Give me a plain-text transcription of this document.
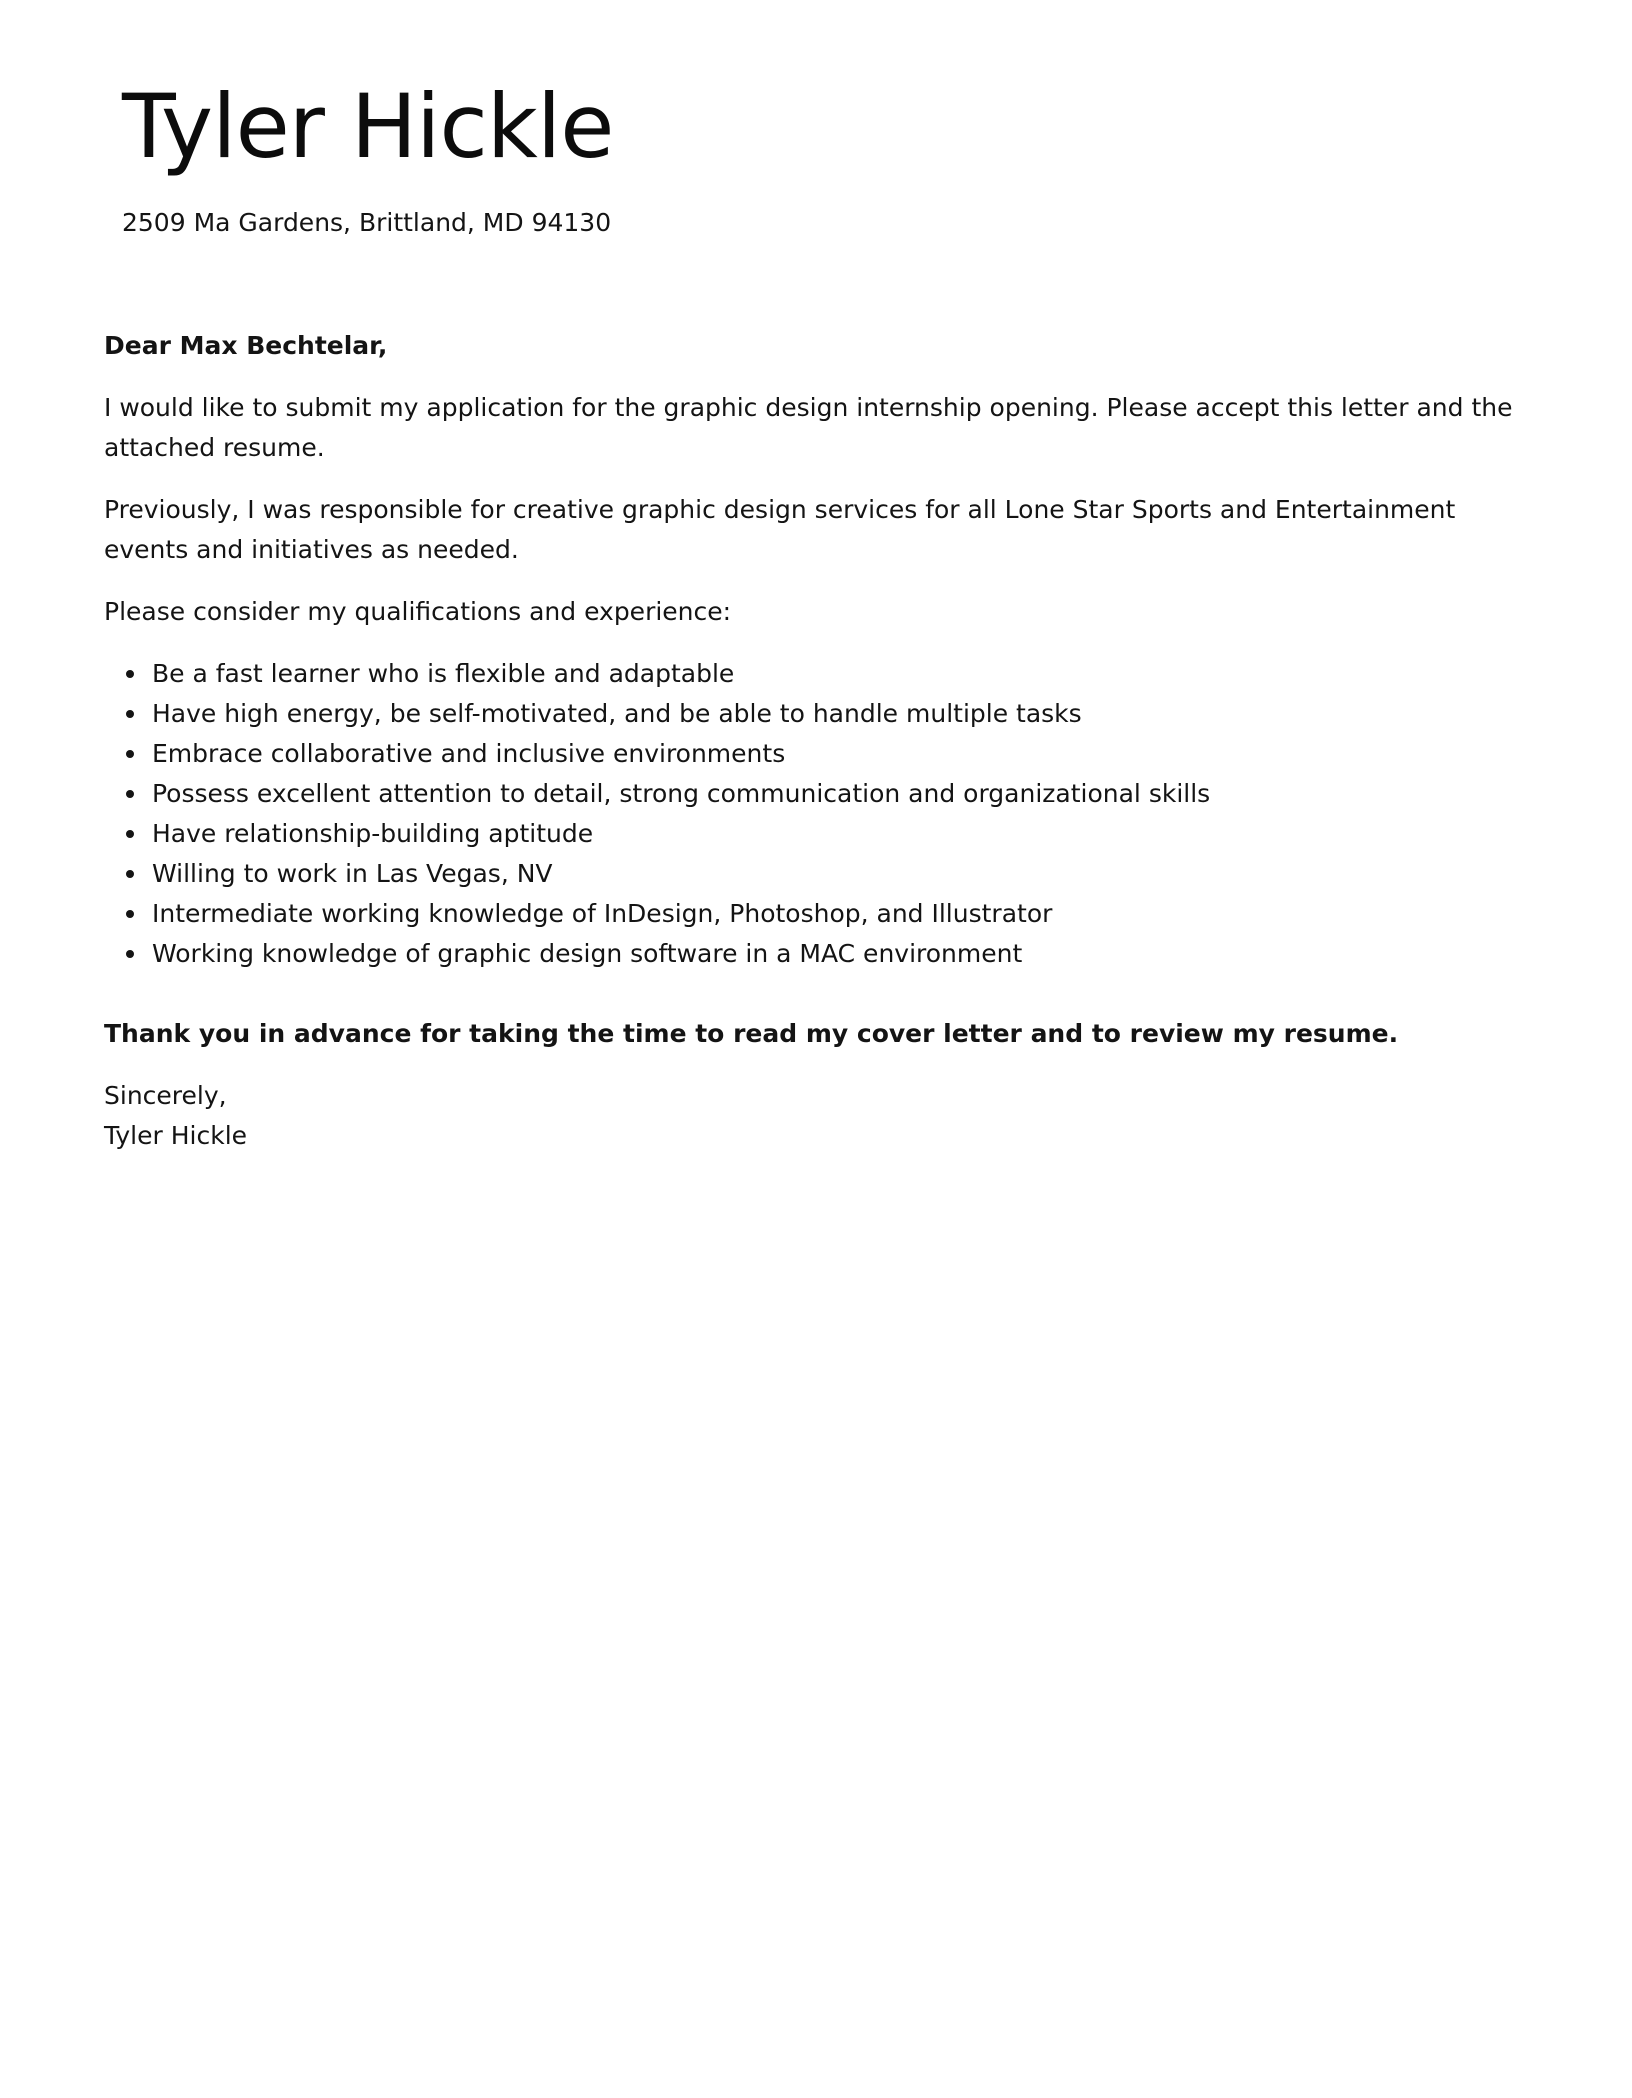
Tyler Hickle
2509 Ma Gardens, Brittland, MD 94130

Dear Max Bechtelar,

I would like to submit my application for the graphic design internship opening. Please accept this letter and the attached resume.

Previously, I was responsible for creative graphic design services for all Lone Star Sports and Entertainment events and initiatives as needed.

Please consider my qualifications and experience:

Be a fast learner who is flexible and adaptable
Have high energy, be self-motivated, and be able to handle multiple tasks
Embrace collaborative and inclusive environments
Possess excellent attention to detail, strong communication and organizational skills
Have relationship-building aptitude
Willing to work in Las Vegas, NV
Intermediate working knowledge of InDesign, Photoshop, and Illustrator
Working knowledge of graphic design software in a MAC environment

Thank you in advance for taking the time to read my cover letter and to review my resume.

Sincerely,

Tyler Hickle
